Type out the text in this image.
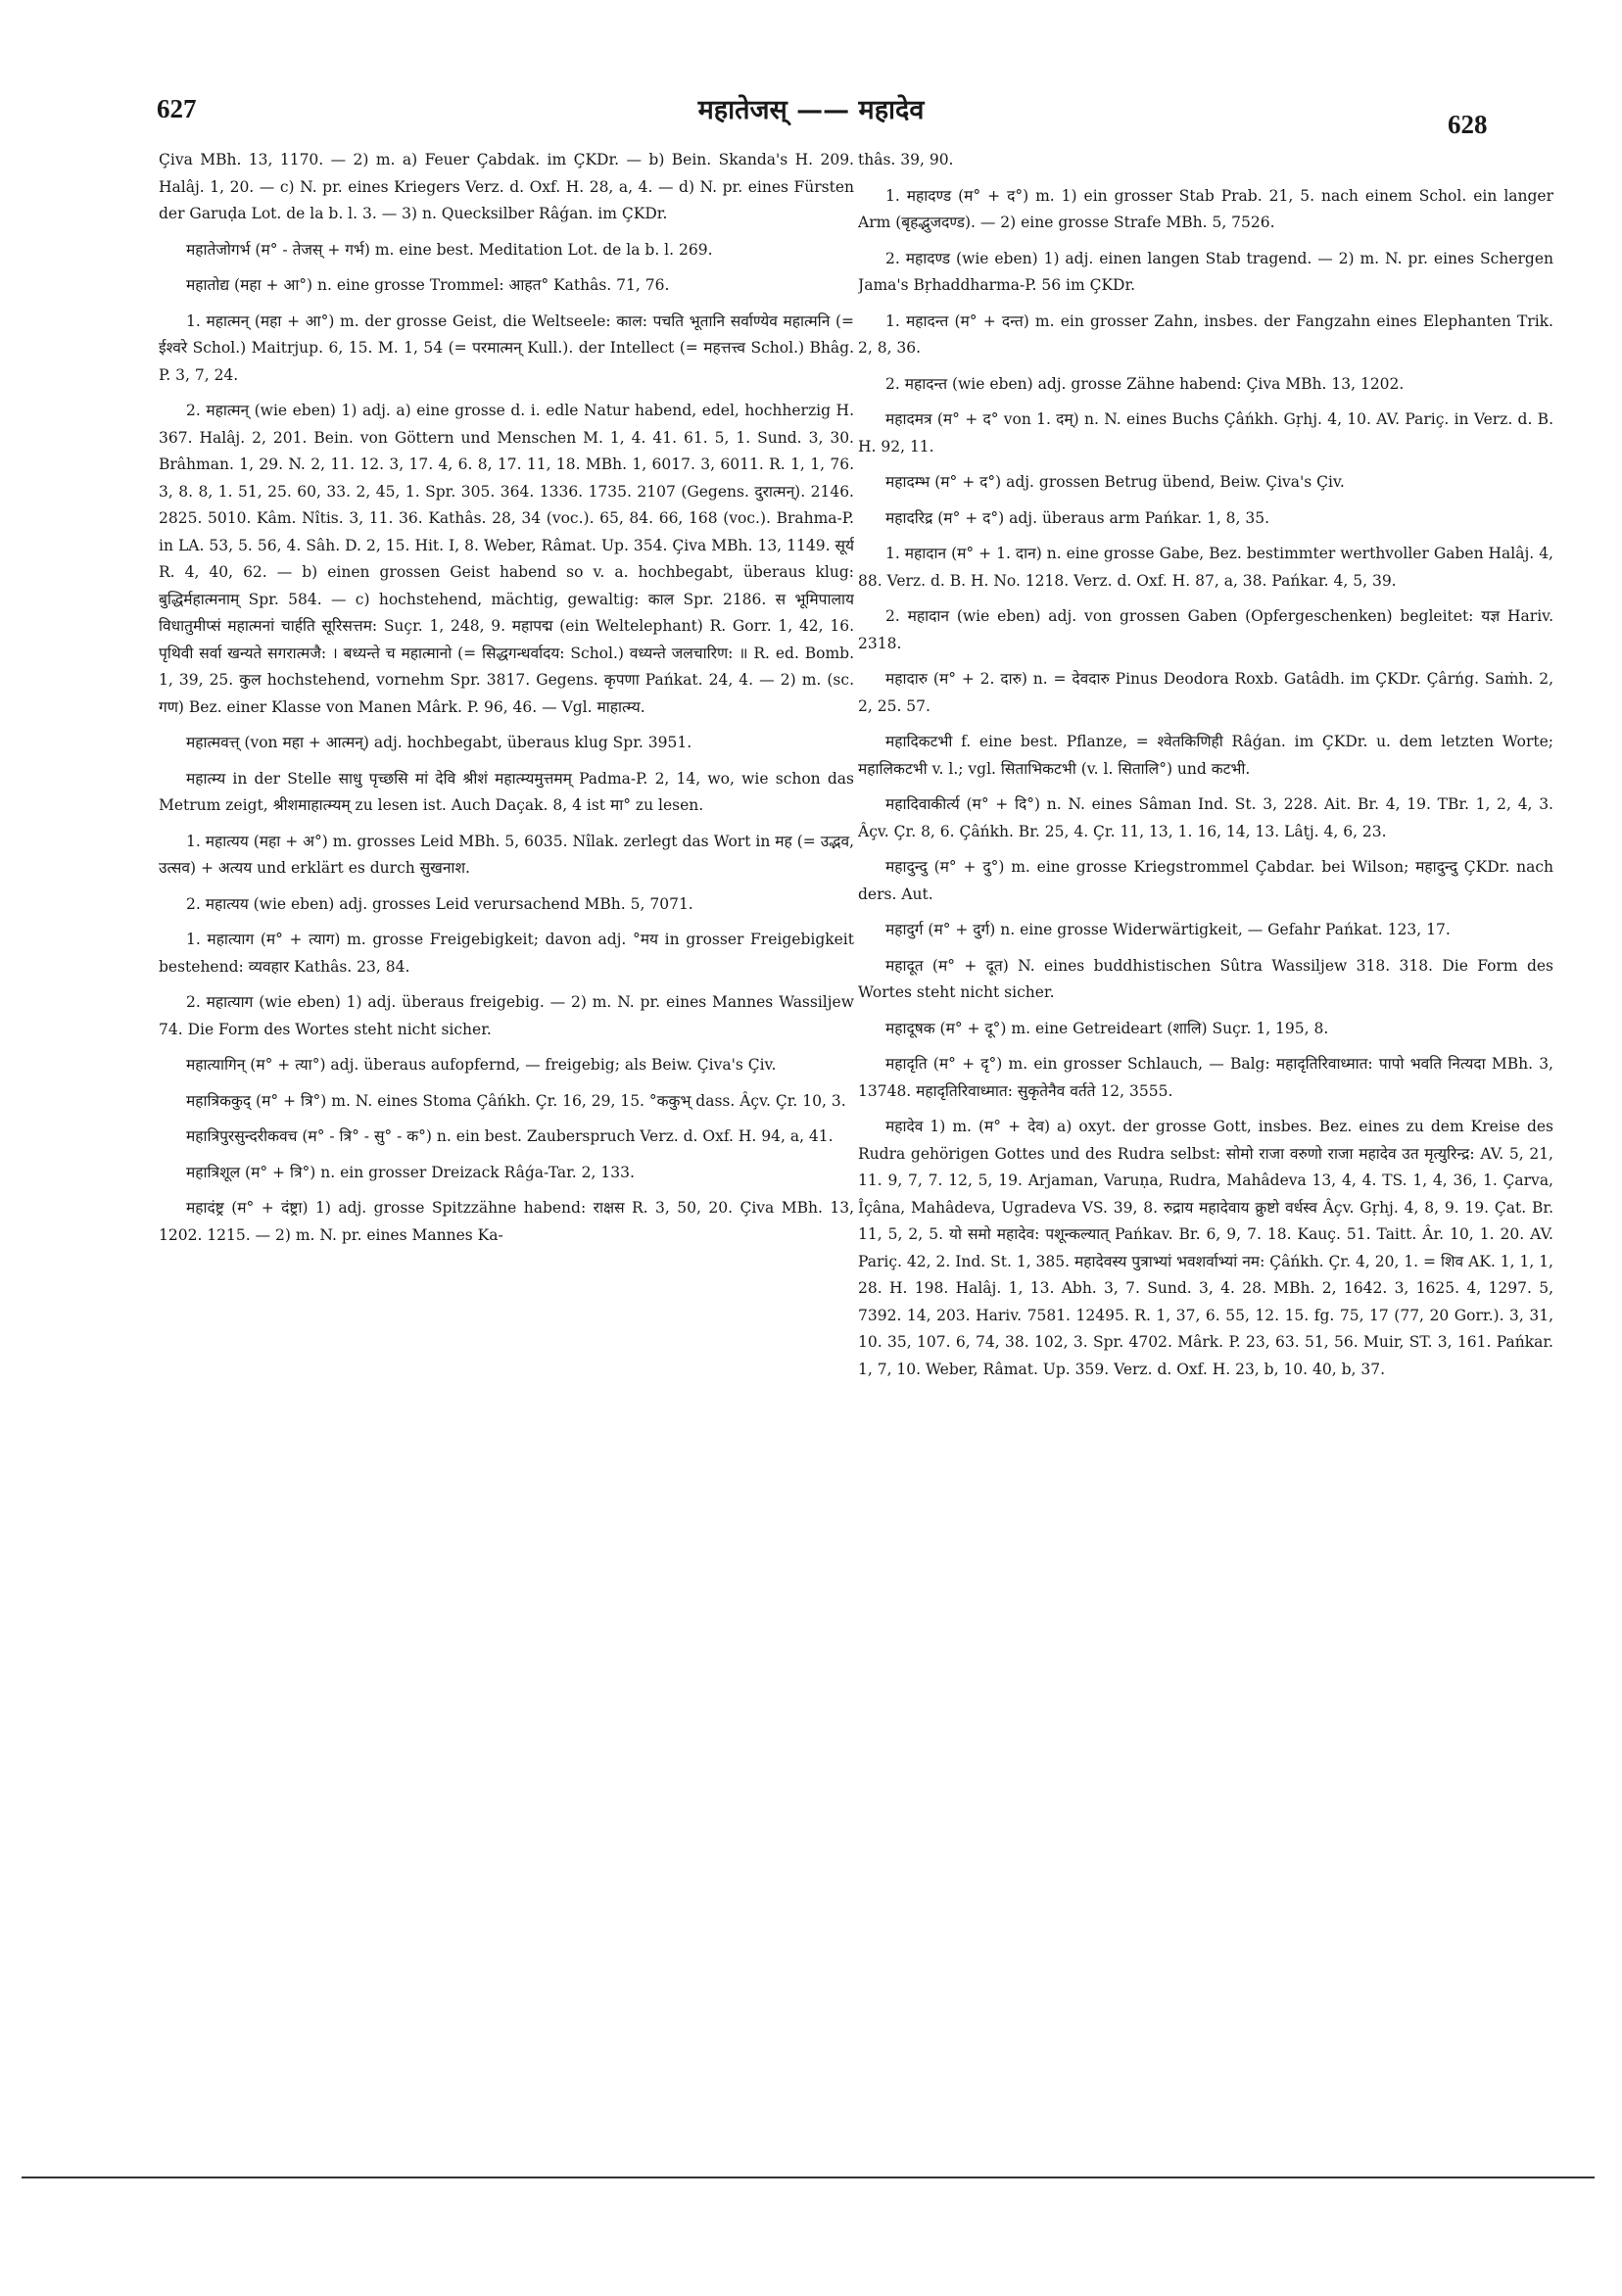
627	महातेजस् —— महादेव	628

Çiva MBh. 13, 1170. — 2) m. a) Feuer Çabdak. im ÇKDr. — b) Bein. Skanda's H. 209. Halâj. 1, 20. — c) N. pr. eines Kriegers Verz. d. Oxf. H. 28, a, 4. — d) N. pr. eines Fürsten der Garuḍa Lot. de la b. l. 3. — 3) n. Quecksilber Râǵan. im ÇKDr.

महातेजोगर्भ (म° - तेजस् + गर्भ) m. eine best. Meditation Lot. de la b. l. 269.

महातोद्य (महा + आ°) n. eine grosse Trommel: आहत° Kathâs. 71, 76.

1. महात्मन् (महा + आ°) m. der grosse Geist, die Weltseele: काल: पचति भूतानि सर्वाण्येव महात्मनि (= ईश्वरे Schol.) Maitrjup. 6, 15. M. 1, 54 (= परमात्मन् Kull.). der Intellect (= महत्तत्त्व Schol.) Bhâg. P. 3, 7, 24.

2. महात्मन् (wie eben) 1) adj. a) eine grosse d. i. edle Natur habend, edel, hochherzig H. 367. Halâj. 2, 201. Bein. von Göttern und Menschen M. 1, 4. 41. 61. 5, 1. Sund. 3, 30. Brâhman. 1, 29. N. 2, 11. 12. 3, 17. 4, 6. 8, 17. 11, 18. MBh. 1, 6017. 3, 6011. R. 1, 1, 76. 3, 8. 8, 1. 51, 25. 60, 33. 2, 45, 1. Spr. 305. 364. 1336. 1735. 2107 (Gegens. दुरात्मन्). 2146. 2825. 5010. Kâm. Nîtis. 3, 11. 36. Kathâs. 28, 34 (voc.). 65, 84. 66, 168 (voc.). Brahma-P. in LA. 53, 5. 56, 4. Sâh. D. 2, 15. Hit. I, 8. Weber, Râmat. Up. 354. Çiva MBh. 13, 1149. सूर्य R. 4, 40, 62. — b) einen grossen Geist habend so v. a. hochbegabt, überaus klug: बुद्धिर्महात्मनाम् Spr. 584. — c) hochstehend, mächtig, gewaltig: काल Spr. 2186. स भूमिपालाय विधातुमीप्सं महात्मनां चार्हति सूरिसत्तम: Suçr. 1, 248, 9. महापद्म (ein Weltelephant) R. Gorr. 1, 42, 16. पृथिवी सर्वा खन्यते सगरात्मजै: । बध्यन्ते च महात्मानो (= सिद्धगन्धर्वादय: Schol.) वध्यन्ते जलचारिण: ॥ R. ed. Bomb. 1, 39, 25. कुल hochstehend, vornehm Spr. 3817. Gegens. कृपणा Pańkat. 24, 4. — 2) m. (sc. गण) Bez. einer Klasse von Manen Mârk. P. 96, 46. — Vgl. माहात्म्य.

महात्मवत्त् (von महा + आत्मन्) adj. hochbegabt, überaus klug Spr. 3951.

महात्म्य in der Stelle साधु पृच्छसि मां देवि श्रीशं महात्म्यमुत्तमम् Padma-P. 2, 14, wo, wie schon das Metrum zeigt, श्रीशमाहात्म्यम् zu lesen ist. Auch Daçak. 8, 4 ist मा° zu lesen.

1. महात्यय (महा + अ°) m. grosses Leid MBh. 5, 6035. Nîlak. zerlegt das Wort in मह (= उद्भव, उत्सव) + अत्यय und erklärt es durch सुखनाश.

2. महात्यय (wie eben) adj. grosses Leid verursachend MBh. 5, 7071.

1. महात्याग (म° + त्याग) m. grosse Freigebigkeit; davon adj. °मय in grosser Freigebigkeit bestehend: व्यवहार Kathâs. 23, 84.

2. महात्याग (wie eben) 1) adj. überaus freigebig. — 2) m. N. pr. eines Mannes Wassiljew 74. Die Form des Wortes steht nicht sicher.

महात्यागिन् (म° + त्या°) adj. überaus aufopfernd, — freigebig; als Beiw. Çiva's Çiv.

महात्रिककुद् (म° + त्रि°) m. N. eines Stoma Çâńkh. Çr. 16, 29, 15. °ककुभ् dass. Âçv. Çr. 10, 3.

महात्रिपुरसुन्दरीकवच (म° - त्रि° - सु° - क°) n. ein best. Zauberspruch Verz. d. Oxf. H. 94, a, 41.

महात्रिशूल (म° + त्रि°) n. ein grosser Dreizack Râǵa-Tar. 2, 133.

महादंष्ट्र (म° + दंष्ट्रा) 1) adj. grosse Spitzzähne habend: राक्षस R. 3, 50, 20. Çiva MBh. 13, 1202. 1215. — 2) m. N. pr. eines Mannes Ka-

thâs. 39, 90.

1. महादण्ड (म° + द°) m. 1) ein grosser Stab Prab. 21, 5. nach einem Schol. ein langer Arm (बृहद्भुजदण्ड). — 2) eine grosse Strafe MBh. 5, 7526.

2. महादण्ड (wie eben) 1) adj. einen langen Stab tragend. — 2) m. N. pr. eines Schergen Jama's Bṛhaddharma-P. 56 im ÇKDr.

1. महादन्त (म° + दन्त) m. ein grosser Zahn, insbes. der Fangzahn eines Elephanten Trik. 2, 8, 36.

2. महादन्त (wie eben) adj. grosse Zähne habend: Çiva MBh. 13, 1202.

महादमत्र (म° + द° von 1. दम्) n. N. eines Buchs Çâńkh. Gṛhj. 4, 10. AV. Pariç. in Verz. d. B. H. 92, 11.

महादम्भ (म° + द°) adj. grossen Betrug übend, Beiw. Çiva's Çiv.

महादरिद्र (म° + द°) adj. überaus arm Pańkar. 1, 8, 35.

1. महादान (म° + 1. दान) n. eine grosse Gabe, Bez. bestimmter werthvoller Gaben Halâj. 4, 88. Verz. d. B. H. No. 1218. Verz. d. Oxf. H. 87, a, 38. Pańkar. 4, 5, 39.

2. महादान (wie eben) adj. von grossen Gaben (Opfergeschenken) begleitet: यज्ञ Hariv. 2318.

महादारु (म° + 2. दारु) n. = देवदारु Pinus Deodora Roxb. Gatâdh. im ÇKDr. Çârńg. Saṁh. 2, 2, 25. 57.

महादिकटभी f. eine best. Pflanze, = श्वेतकिणिही Râǵan. im ÇKDr. u. dem letzten Worte; महालिकटभी v. l.; vgl. सिताभिकटभी (v. l. सितालि°) und कटभी.

महादिवाकीर्त्य (म° + दि°) n. N. eines Sâman Ind. St. 3, 228. Ait. Br. 4, 19. TBr. 1, 2, 4, 3. Âçv. Çr. 8, 6. Çâńkh. Br. 25, 4. Çr. 11, 13, 1. 16, 14, 13. Lâṭj. 4, 6, 23.

महादुन्दु (म° + दु°) m. eine grosse Kriegstrommel Çabdar. bei Wilson; महादुन्दु ÇKDr. nach ders. Aut.

महादुर्ग (म° + दुर्ग) n. eine grosse Widerwärtigkeit, — Gefahr Pańkat. 123, 17.

महादूत (म° + दूत) N. eines buddhistischen Sûtra Wassiljew 318. 318. Die Form des Wortes steht nicht sicher.

महादूषक (म° + दू°) m. eine Getreideart (शालि) Suçr. 1, 195, 8.

महादृति (म° + दृ°) m. ein grosser Schlauch, — Balg: महादृतिरिवाध्मात: पापो भवति नित्यदा MBh. 3, 13748. महादृतिरिवाध्मात: सुकृतेनैव वर्तते 12, 3555.

महादेव 1) m. (म° + देव) a) oxyt. der grosse Gott, insbes. Bez. eines zu dem Kreise des Rudra gehörigen Gottes und des Rudra selbst: सोमो राजा वरुणो राजा महादेव उत मृत्युरिन्द्र: AV. 5, 21, 11. 9, 7, 7. 12, 5, 19. Arjaman, Varuṇa, Rudra, Mahâdeva 13, 4, 4. TS. 1, 4, 36, 1. Çarva, Îçâna, Mahâdeva, Ugradeva VS. 39, 8. रुद्राय महादेवाय क्रुष्टो वर्धस्व Âçv. Gṛhj. 4, 8, 9. 19. Çat. Br. 11, 5, 2, 5. यो समो महादेव: पशून्कल्यात् Pańkav. Br. 6, 9, 7. 18. Kauç. 51. Taitt. Âr. 10, 1. 20. AV. Pariç. 42, 2. Ind. St. 1, 385. महादेवस्य पुत्राभ्यां भवशर्वाभ्यां नम: Çâńkh. Çr. 4, 20, 1. = शिव AK. 1, 1, 1, 28. H. 198. Halâj. 1, 13. Abh. 3, 7. Sund. 3, 4. 28. MBh. 2, 1642. 3, 1625. 4, 1297. 5, 7392. 14, 203. Hariv. 7581. 12495. R. 1, 37, 6. 55, 12. 15. fg. 75, 17 (77, 20 Gorr.). 3, 31, 10. 35, 107. 6, 74, 38. 102, 3. Spr. 4702. Mârk. P. 23, 63. 51, 56. Muir, ST. 3, 161. Pańkar. 1, 7, 10. Weber, Râmat. Up. 359. Verz. d. Oxf. H. 23, b, 10. 40, b, 37.
